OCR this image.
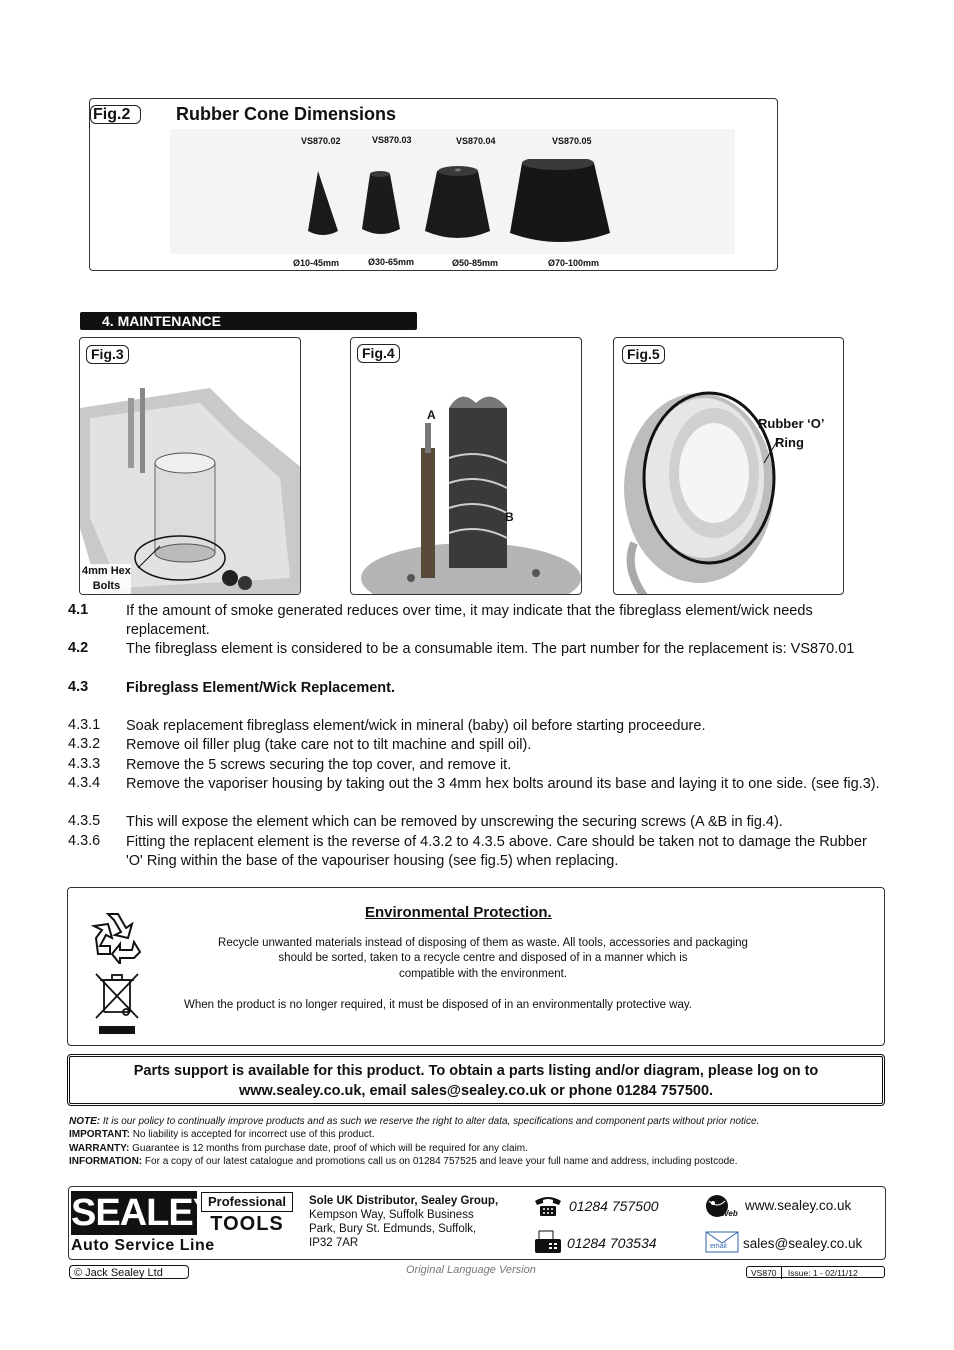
Fig.2	Rubber Cone Dimensions
VS870.02	VS870.03	VS870.04	VS870.05
Ø10-45mm	Ø30-65mm	Ø50-85mm	Ø70-100mm
4. MAINTENANCE
Fig.3
4mm Hex
Bolts
Fig.4
A
B
Fig.5
Rubber ‘O’
Ring
4.1	If the amount of smoke generated reduces over time, it may indicate that the fibreglass element/wick needs replacement.
4.2	The fibreglass element is considered to be a consumable item. The part number for the replacement is: VS870.01
4.3	Fibreglass Element/Wick Replacement.
4.3.1 Soak replacement fibreglass element/wick in mineral (baby) oil before starting proceedure.
4.3.2 Remove oil filler plug (take care not to tilt machine and spill oil).
4.3.3 Remove the 5 screws securing the top cover, and remove it.
4.3.4 Remove the vaporiser housing by taking out the 3 4mm hex bolts around its base and laying it to one side. (see fig.3).
4.3.5 This will expose the element which can be removed by unscrewing the securing screws (A &B in fig.4).
4.3.6 Fitting the replacent element is the reverse of 4.3.2 to 4.3.5 above. Care should be taken not to damage the Rubber 'O' Ring within the base of the vapouriser housing (see fig.5) when replacing.
Environmental Protection.
Recycle unwanted materials instead of disposing of them as waste. All tools, accessories and packaging
should be sorted, taken to a recycle centre and disposed of in a manner which is
compatible with the environment.
When the product is no longer required, it must be disposed of in an environmentally protective way.
Parts support is available for this product. To obtain a parts listing and/or diagram, please log on to
www.sealey.co.uk, email sales@sealey.co.uk or phone 01284 757500.
NOTE: It is our policy to continually improve products and as such we reserve the right to alter data, specifications and component parts without prior notice.
IMPORTANT: No liability is accepted for incorrect use of this product.
WARRANTY: Guarantee is 12 months from purchase date, proof of which will be required for any claim.
INFORMATION: For a copy of our latest catalogue and promotions call us on 01284 757525 and leave your full name and address, including postcode.
SEALEY
Professional
TOOLS
Auto Service Line
Sole UK Distributor, Sealey Group,
Kempson Way, Suffolk Business
Park, Bury St. Edmunds, Suffolk,
IP32 7AR
01284 757500
01284 703534
Web
www.sealey.co.uk
email sales@sealey.co.uk
© Jack Sealey Ltd	Original Language Version	VS870 Issue: 1 - 02/11/12
